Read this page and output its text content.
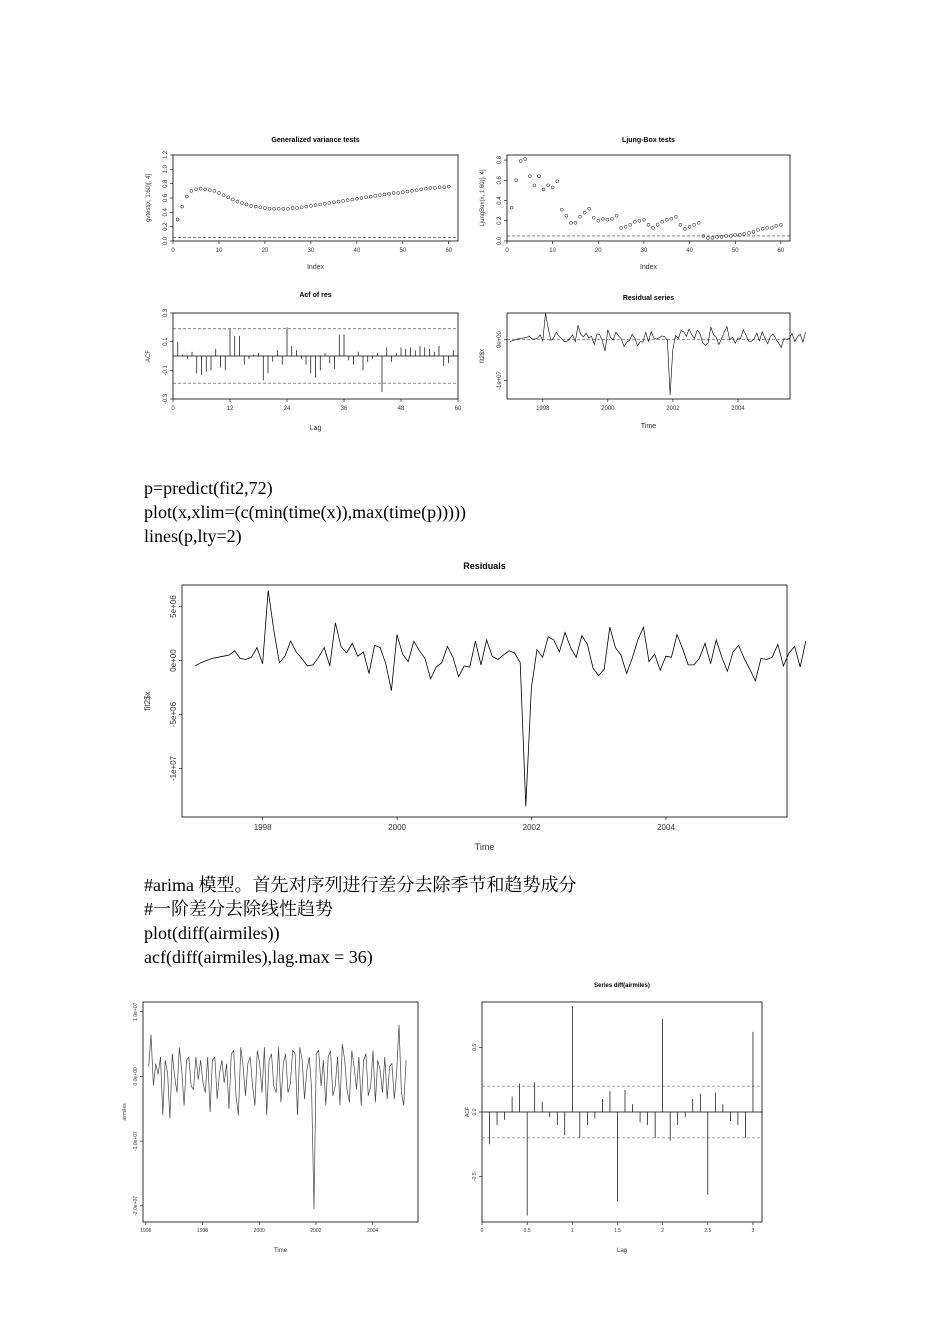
Generalized variance tests
0	10	20	30	40	50	60
0.0
0.2
0.4
0.6
0.8
1.0
1.2
Index
gvtest(x, 1:60)[, 4]
Ljung-Box tests
0	10	20	30	40	50	60
0.0
0.2
0.4
0.6
0.8
Index
LjungBox(x, 1:60)[, 4]
Acf of res
0	12	24	36	48	60
-0.3
-0.1
0.1
0.3
Lag
ACF
Residual series
1998	2000	2002	2004
-1e+07
0e+00
Time
fit2$x
Residuals
1998	2000	2002	2004
5e+06
0e+00
-5e+06
-1e+07
Time
fit2$x
1996	1998	2000	2002	2004
1.0e+07
0.0e+00
-1.0e+07
-2.0e+07
Time
airmiles
Series diff(airmiles)
0	0.5	1	1.5	2	2.5	3
-0.5
0.0
0.5
Lag
ACF
p=predict(fit2,72)
plot(x,xlim=(c(min(time(x)),max(time(p)))))
lines(p,lty=2)
#arima 模型。首先对序列进行差分去除季节和趋势成分
#一阶差分去除线性趋势
plot(diff(airmiles))
acf(diff(airmiles),lag.max = 36)
